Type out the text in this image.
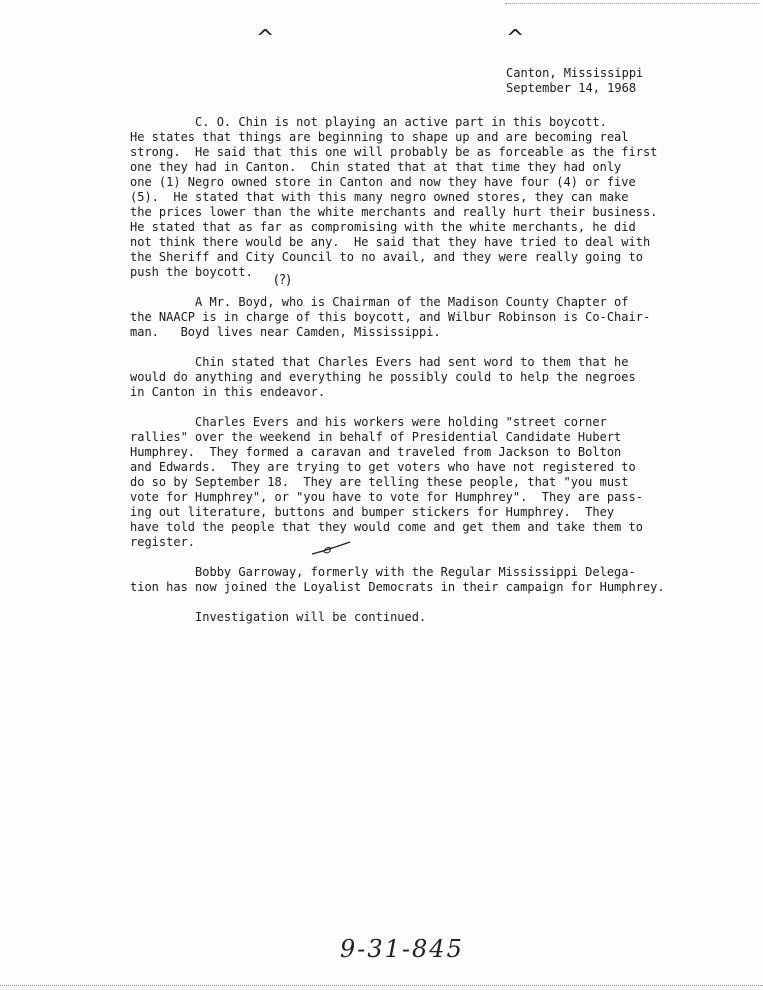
^	^
Canton, Mississippi
September 14, 1968
C. O. Chin is not playing an active part in this boycott.
He states that things are beginning to shape up and are becoming real
strong.  He said that this one will probably be as forceable as the first
one they had in Canton.  Chin stated that at that time they had only
one (1) Negro owned store in Canton and now they have four (4) or five
(5).  He stated that with this many negro owned stores, they can make
the prices lower than the white merchants and really hurt their business.
He stated that as far as compromising with the white merchants, he did
not think there would be any.  He said that they have tried to deal with
the Sheriff and City Council to no avail, and they were really going to
push the boycott.
A Mr. Boyd, who is Chairman of the Madison County Chapter of
the NAACP is in charge of this boycott, and Wilbur Robinson is Co-Chair-
man.   Boyd lives near Camden, Mississippi.
Chin stated that Charles Evers had sent word to them that he
would do anything and everything he possibly could to help the negroes
in Canton in this endeavor.
Charles Evers and his workers were holding "street corner
rallies" over the weekend in behalf of Presidential Candidate Hubert
Humphrey.  They formed a caravan and traveled from Jackson to Bolton
and Edwards.  They are trying to get voters who have not registered to
do so by September 18.  They are telling these people, that "you must
vote for Humphrey", or "you have to vote for Humphrey".  They are pass-
ing out literature, buttons and bumper stickers for Humphrey.  They
have told the people that they would come and get them and take them to
register.
Bobby Garroway, formerly with the Regular Mississippi Delega-
tion has now joined the Loyalist Democrats in their campaign for Humphrey.
Investigation will be continued.
(?)
9-31-845
